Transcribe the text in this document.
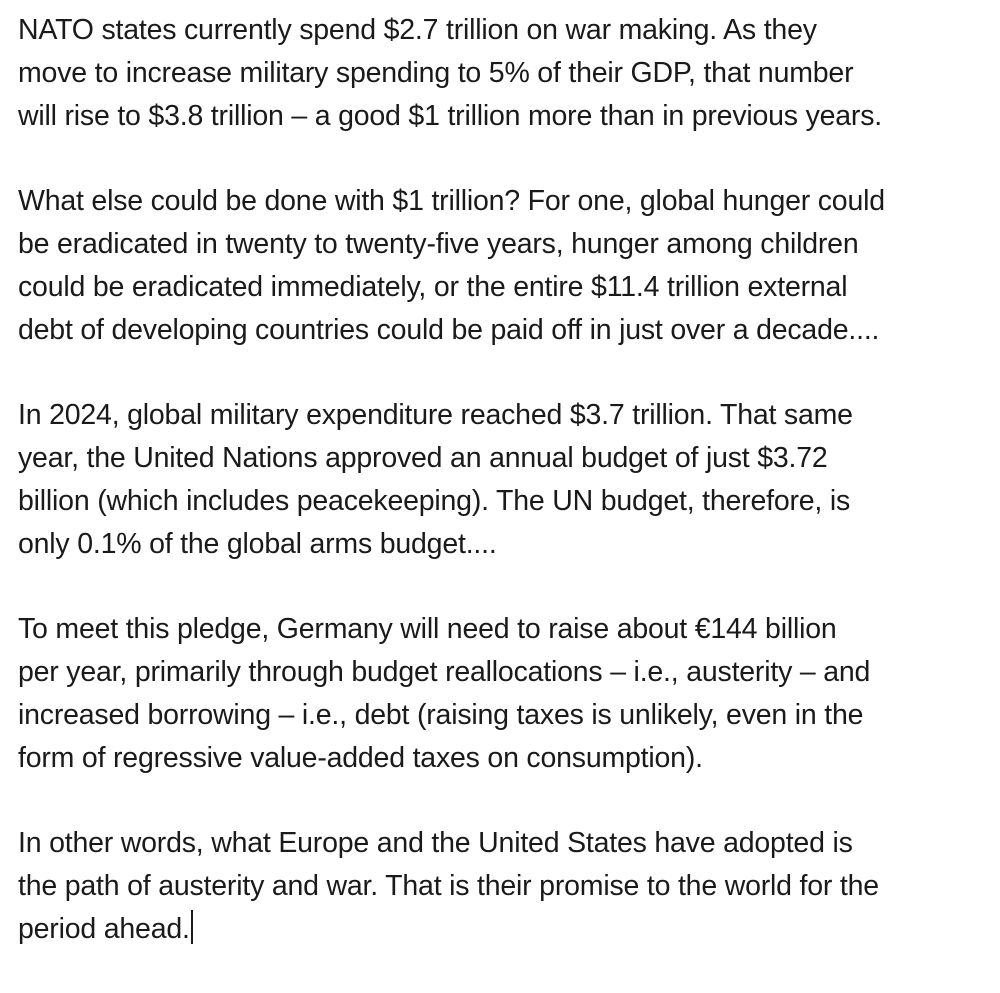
NATO states currently spend $2.7 trillion on war making. As they
move to increase military spending to 5% of their GDP, that number
will rise to $3.8 trillion – a good $1 trillion more than in previous years.

What else could be done with $1 trillion? For one, global hunger could
be eradicated in twenty to twenty-five years, hunger among children
could be eradicated immediately, or the entire $11.4 trillion external
debt of developing countries could be paid off in just over a decade....

In 2024, global military expenditure reached $3.7 trillion. That same
year, the United Nations approved an annual budget of just $3.72
billion (which includes peacekeeping). The UN budget, therefore, is
only 0.1% of the global arms budget....

To meet this pledge, Germany will need to raise about €144 billion
per year, primarily through budget reallocations – i.e., austerity – and
increased borrowing – i.e., debt (raising taxes is unlikely, even in the
form of regressive value-added taxes on consumption).

In other words, what Europe and the United States have adopted is
the path of austerity and war. That is their promise to the world for the
period ahead.
